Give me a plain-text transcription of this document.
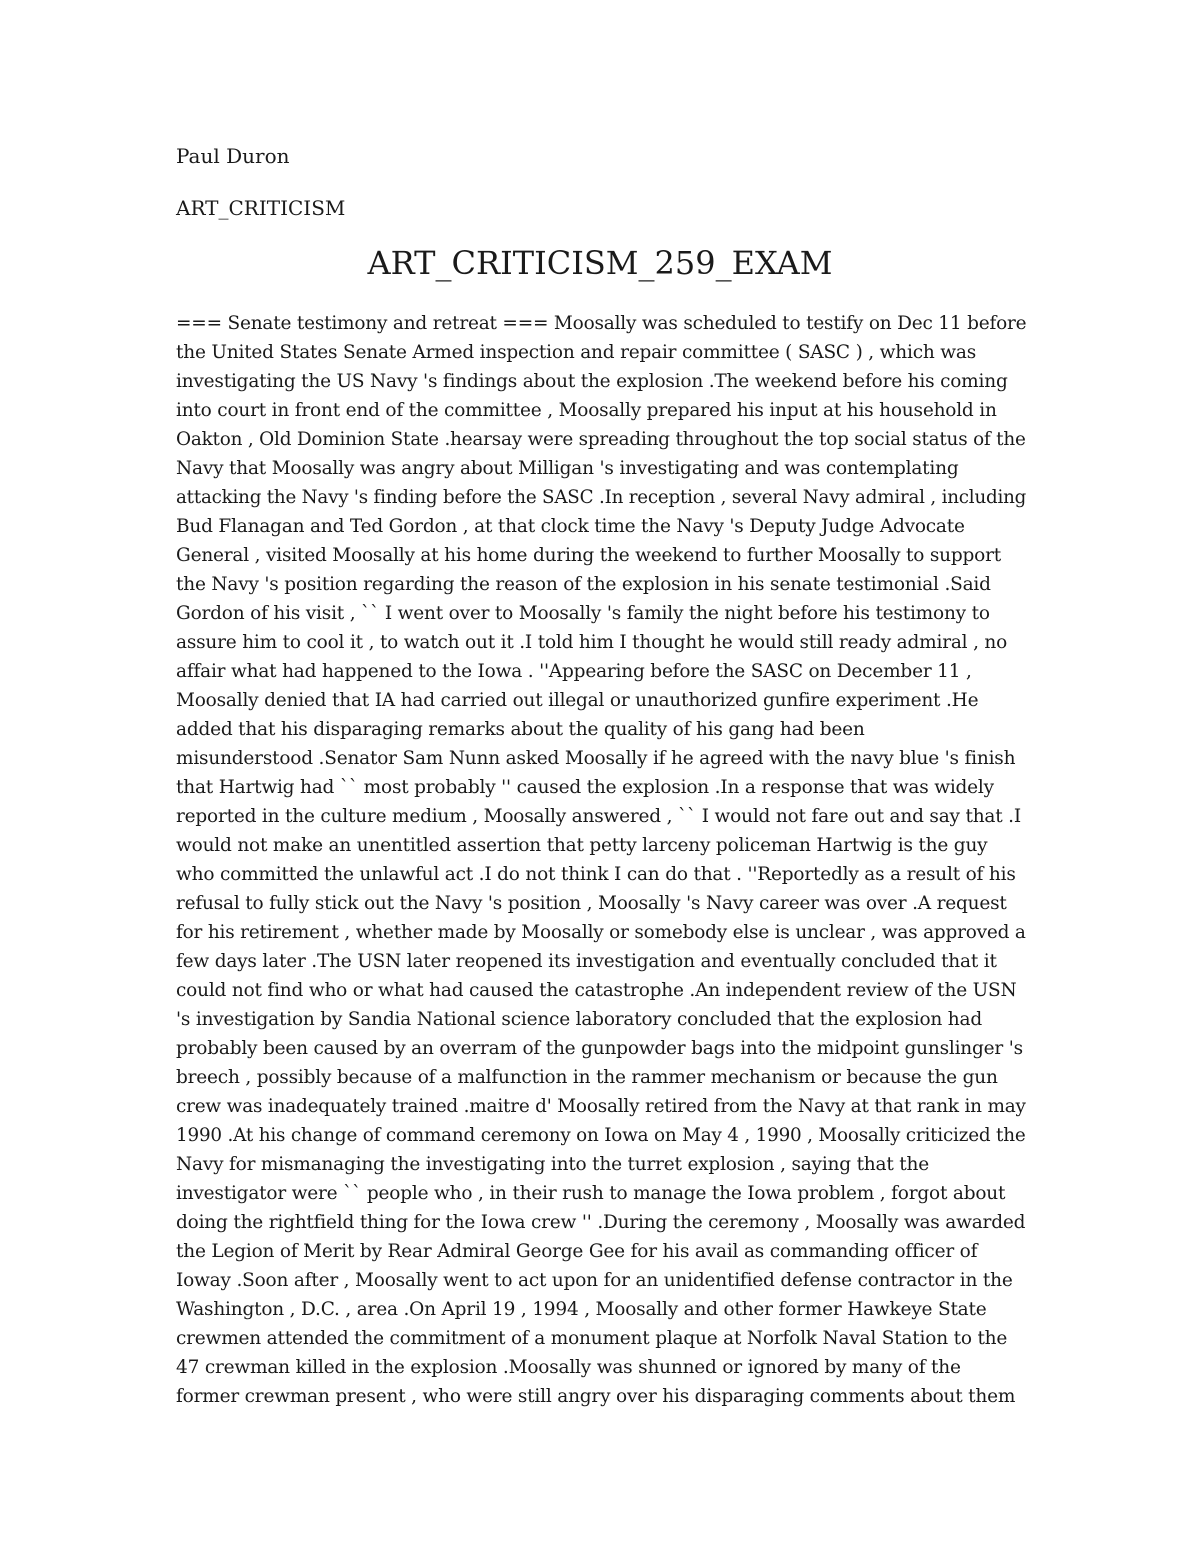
Paul Duron
ART_CRITICISM
ART_CRITICISM_259_EXAM
=== Senate testimony and retreat === Moosally was scheduled to testify on Dec 11 before
the United States Senate Armed inspection and repair committee ( SASC ) , which was
investigating the US Navy 's findings about the explosion .The weekend before his coming
into court in front end of the committee , Moosally prepared his input at his household in
Oakton , Old Dominion State .hearsay were spreading throughout the top social status of the
Navy that Moosally was angry about Milligan 's investigating and was contemplating
attacking the Navy 's finding before the SASC .In reception , several Navy admiral , including
Bud Flanagan and Ted Gordon , at that clock time the Navy 's Deputy Judge Advocate
General , visited Moosally at his home during the weekend to further Moosally to support
the Navy 's position regarding the reason of the explosion in his senate testimonial .Said
Gordon of his visit , `` I went over to Moosally 's family the night before his testimony to
assure him to cool it , to watch out it .I told him I thought he would still ready admiral , no
affair what had happened to the Iowa . ''Appearing before the SASC on December 11 ,
Moosally denied that IA had carried out illegal or unauthorized gunfire experiment .He
added that his disparaging remarks about the quality of his gang had been
misunderstood .Senator Sam Nunn asked Moosally if he agreed with the navy blue 's finish
that Hartwig had `` most probably '' caused the explosion .In a response that was widely
reported in the culture medium , Moosally answered , `` I would not fare out and say that .I
would not make an unentitled assertion that petty larceny policeman Hartwig is the guy
who committed the unlawful act .I do not think I can do that . ''Reportedly as a result of his
refusal to fully stick out the Navy 's position , Moosally 's Navy career was over .A request
for his retirement , whether made by Moosally or somebody else is unclear , was approved a
few days later .The USN later reopened its investigation and eventually concluded that it
could not find who or what had caused the catastrophe .An independent review of the USN
's investigation by Sandia National science laboratory concluded that the explosion had
probably been caused by an overram of the gunpowder bags into the midpoint gunslinger 's
breech , possibly because of a malfunction in the rammer mechanism or because the gun
crew was inadequately trained .maitre d' Moosally retired from the Navy at that rank in may
1990 .At his change of command ceremony on Iowa on May 4 , 1990 , Moosally criticized the
Navy for mismanaging the investigating into the turret explosion , saying that the
investigator were `` people who , in their rush to manage the Iowa problem , forgot about
doing the rightfield thing for the Iowa crew '' .During the ceremony , Moosally was awarded
the Legion of Merit by Rear Admiral George Gee for his avail as commanding officer of
Ioway .Soon after , Moosally went to act upon for an unidentified defense contractor in the
Washington , D.C. , area .On April 19 , 1994 , Moosally and other former Hawkeye State
crewmen attended the commitment of a monument plaque at Norfolk Naval Station to the
47 crewman killed in the explosion .Moosally was shunned or ignored by many of the
former crewman present , who were still angry over his disparaging comments about them
